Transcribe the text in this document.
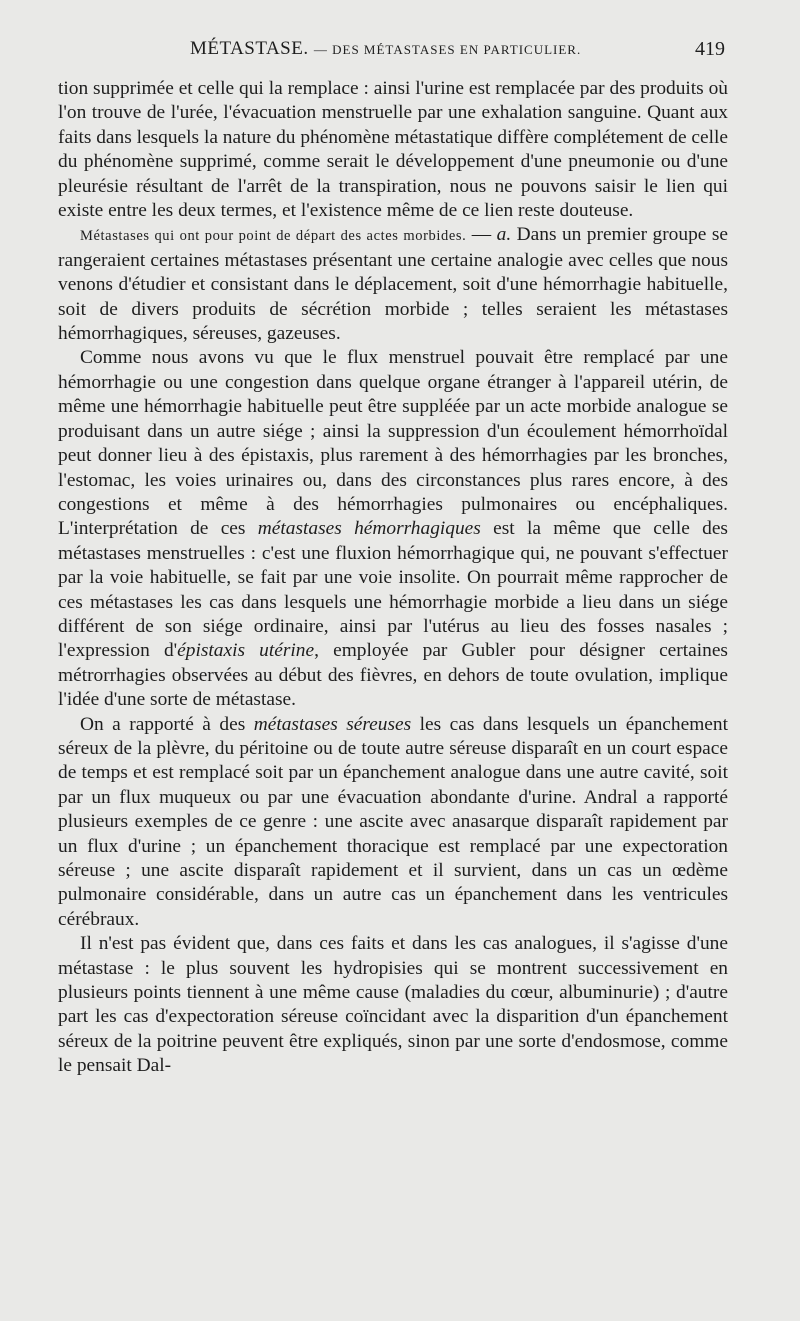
MÉTASTASE. — DES MÉTASTASES EN PARTICULIER.	419

tion supprimée et celle qui la remplace : ainsi l'urine est remplacée par des produits où l'on trouve de l'urée, l'évacuation menstruelle par une exhalation sanguine. Quant aux faits dans lesquels la nature du phénomène métastatique diffère complétement de celle du phénomène supprimé, comme serait le développement d'une pneumonie ou d'une pleurésie résultant de l'arrêt de la transpiration, nous ne pouvons saisir le lien qui existe entre les deux termes, et l'existence même de ce lien reste douteuse.

Métastases qui ont pour point de départ des actes morbides. — a. Dans un premier groupe se rangeraient certaines métastases présentant une certaine analogie avec celles que nous venons d'étudier et consistant dans le déplacement, soit d'une hémorrhagie habituelle, soit de divers produits de sécrétion morbide ; telles seraient les métastases hémorrhagiques, séreuses, gazeuses.

Comme nous avons vu que le flux menstruel pouvait être remplacé par une hémorrhagie ou une congestion dans quelque organe étranger à l'appareil utérin, de même une hémorrhagie habituelle peut être suppléée par un acte morbide analogue se produisant dans un autre siége ; ainsi la suppression d'un écoulement hémorrhoïdal peut donner lieu à des épistaxis, plus rarement à des hémorrhagies par les bronches, l'estomac, les voies urinaires ou, dans des circonstances plus rares encore, à des congestions et même à des hémorrhagies pulmonaires ou encéphaliques. L'interprétation de ces métastases hémorrhagiques est la même que celle des métastases menstruelles : c'est une fluxion hémorrhagique qui, ne pouvant s'effectuer par la voie habituelle, se fait par une voie insolite. On pourrait même rapprocher de ces métastases les cas dans lesquels une hémorrhagie morbide a lieu dans un siége différent de son siége ordinaire, ainsi par l'utérus au lieu des fosses nasales ; l'expression d'épistaxis utérine, employée par Gubler pour désigner certaines métrorrhagies observées au début des fièvres, en dehors de toute ovulation, implique l'idée d'une sorte de métastase.

On a rapporté à des métastases séreuses les cas dans lesquels un épanchement séreux de la plèvre, du péritoine ou de toute autre séreuse disparaît en un court espace de temps et est remplacé soit par un épanchement analogue dans une autre cavité, soit par un flux muqueux ou par une évacuation abondante d'urine. Andral a rapporté plusieurs exemples de ce genre : une ascite avec anasarque disparaît rapidement par un flux d'urine ; un épanchement thoracique est remplacé par une expectoration séreuse ; une ascite disparaît rapidement et il survient, dans un cas un œdème pulmonaire considérable, dans un autre cas un épanchement dans les ventricules cérébraux.

Il n'est pas évident que, dans ces faits et dans les cas analogues, il s'agisse d'une métastase : le plus souvent les hydropisies qui se montrent successivement en plusieurs points tiennent à une même cause (maladies du cœur, albuminurie) ; d'autre part les cas d'expectoration séreuse coïncidant avec la disparition d'un épanchement séreux de la poitrine peuvent être expliqués, sinon par une sorte d'endosmose, comme le pensait Dal-
